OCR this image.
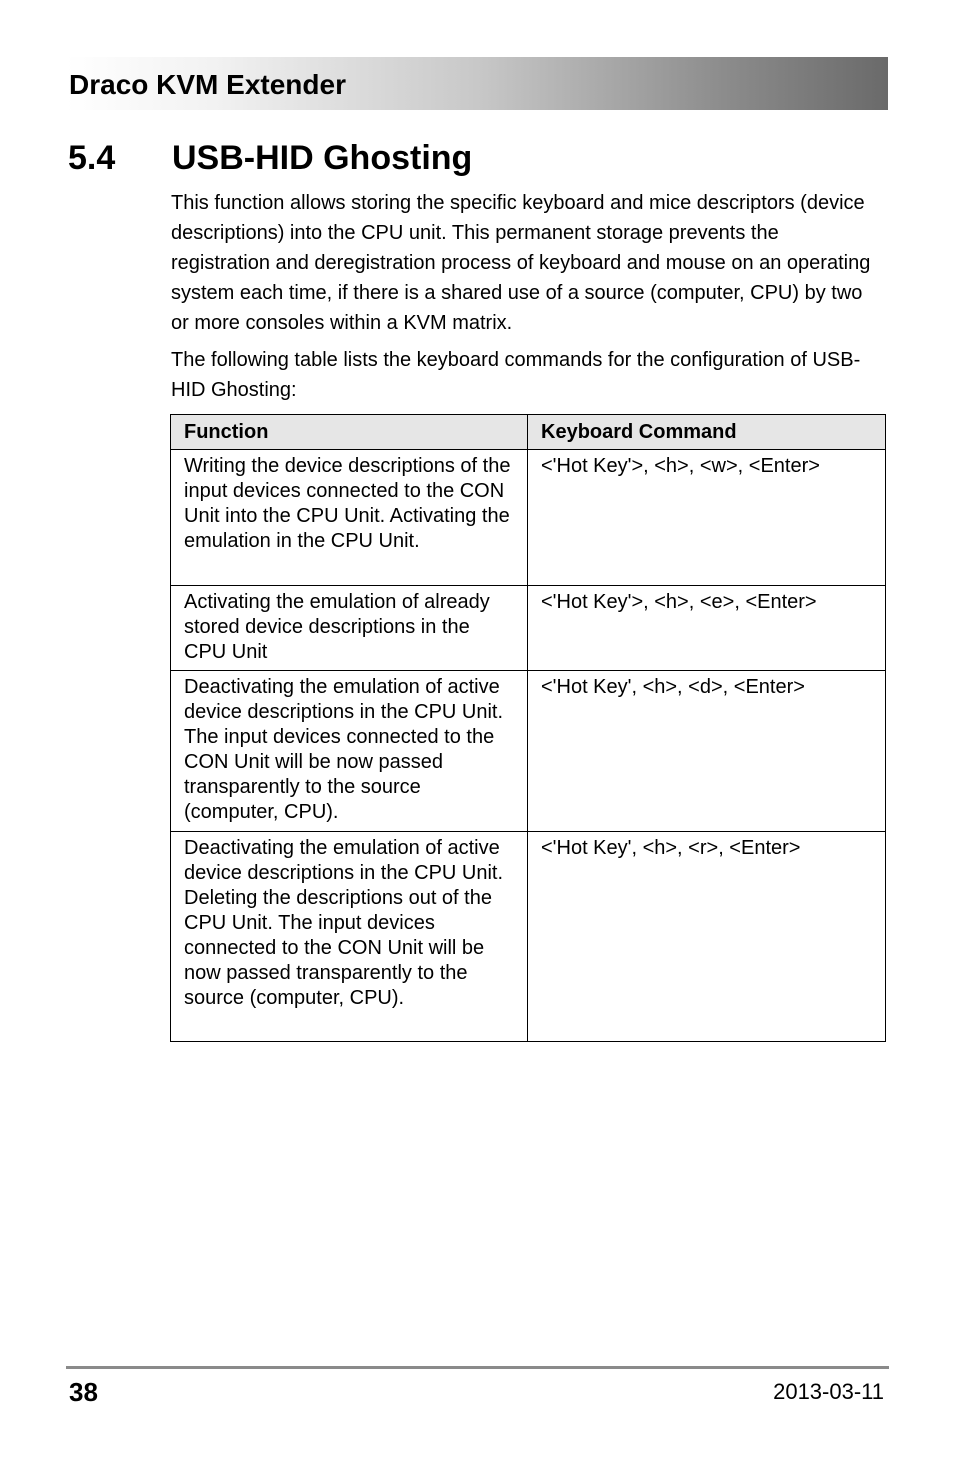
Draco KVM Extender
5.4 USB-HID Ghosting

This function allows storing the specific keyboard and mice descriptors (device descriptions) into the CPU unit. This permanent storage prevents the registration and deregistration process of keyboard and mouse on an operating system each time, if there is a shared use of a source (computer, CPU) by two or more consoles within a KVM matrix.

The following table lists the keyboard commands for the configuration of USB-HID Ghosting:

Function	Keyboard Command
Writing the device descriptions of the input devices connected to the CON Unit into the CPU Unit. Activating the emulation in the CPU Unit.	<'Hot Key'>, <h>, <w>, <Enter>
Activating the emulation of already stored device descriptions in the CPU Unit	<'Hot Key'>, <h>, <e>, <Enter>
Deactivating the emulation of active device descriptions in the CPU Unit. The input devices connected to the CON Unit will be now passed transparently to the source (computer, CPU).	<'Hot Key', <h>, <d>, <Enter>
Deactivating the emulation of active device descriptions in the CPU Unit. Deleting the descriptions out of the CPU Unit. The input devices connected to the CON Unit will be now passed transparently to the source (computer, CPU).	<'Hot Key', <h>, <r>, <Enter>
38	2013-03-11
